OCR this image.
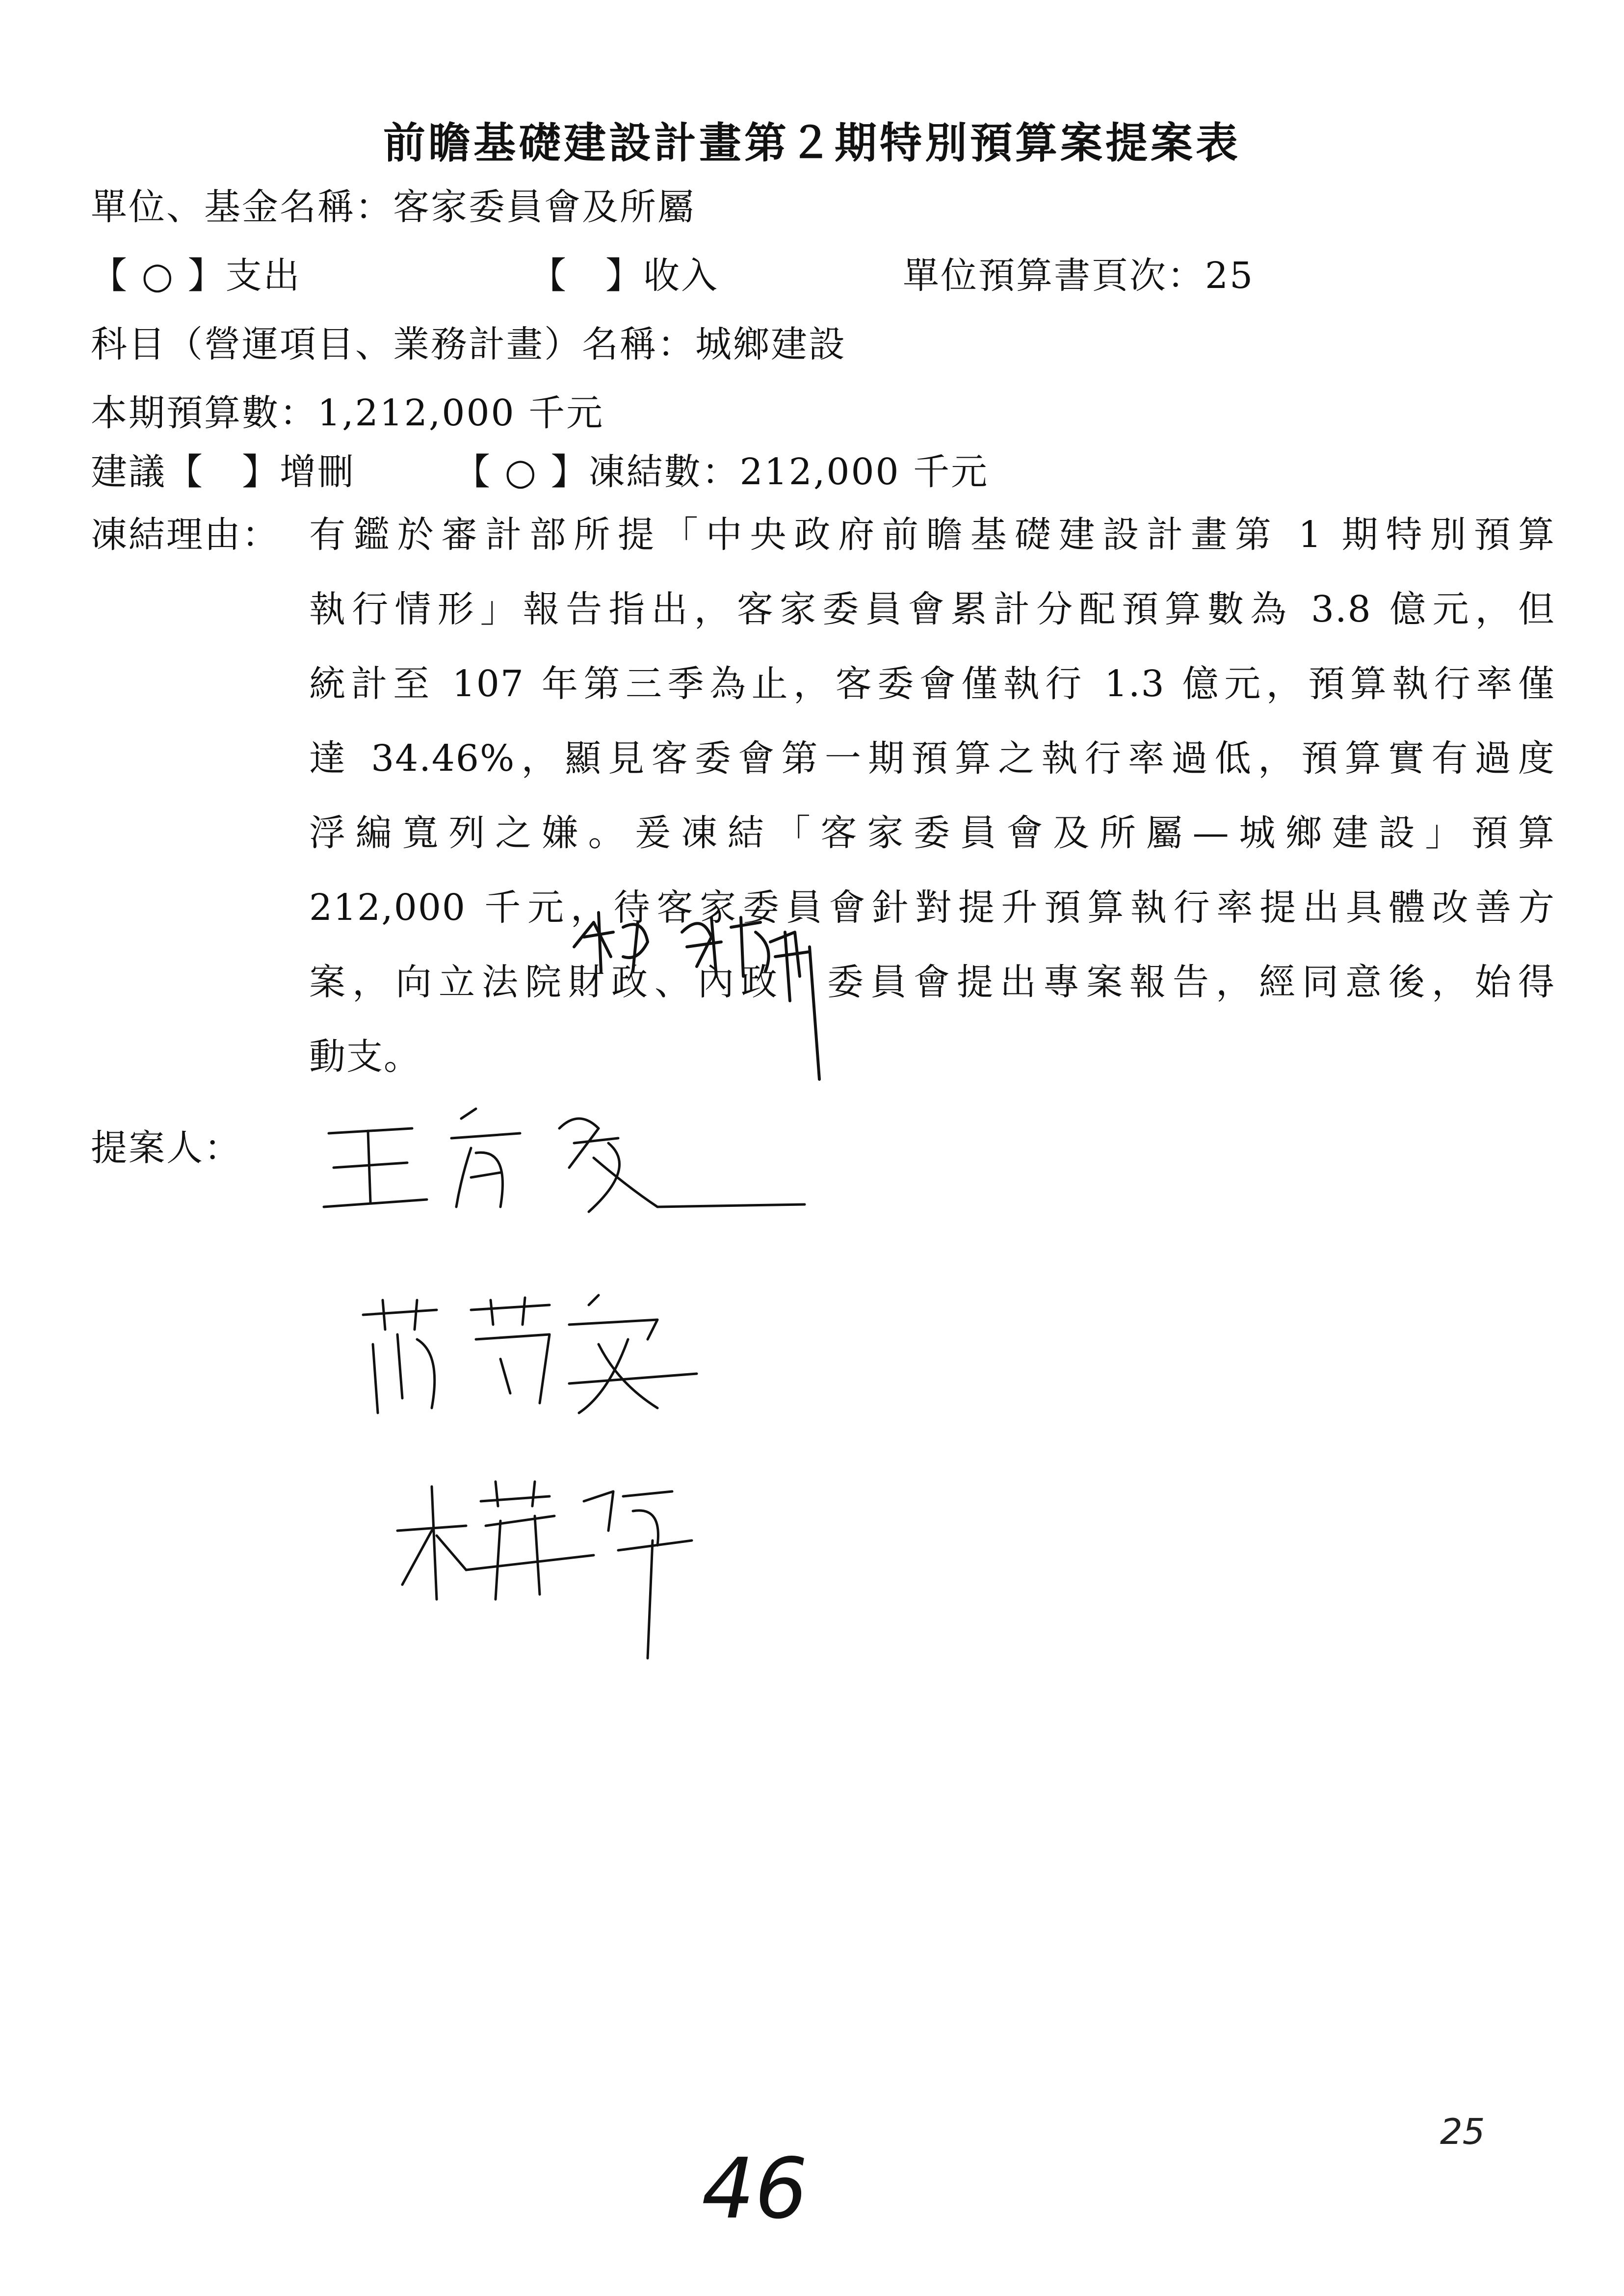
前瞻基礎建設計畫第２期特別預算案提案表
單位、基金名稱：客家委員會及所屬
【 ○ 】支出	【　】收入	單位預算書頁次：25
科目（營運項目、業務計畫）名稱：城鄉建設
本期預算數：1,212,000 千元
建議【　】增刪	【 ○ 】凍結數：212,000 千元
凍結理由： 有鑑於審計部所提「中央政府前瞻基礎建設計畫第 1 期特別預算
執行情形」報告指出，客家委員會累計分配預算數為 3.8 億元，但
統計至 107 年第三季為止，客委會僅執行 1.3 億元，預算執行率僅
達 34.46%，顯見客委會第一期預算之執行率過低，預算實有過度
浮編寬列之嫌。爰凍結「客家委員會及所屬—城鄉建設」預算
212,000 千元，待客家委員會針對提升預算執行率提出具體改善方
案，向立法院財政、內政　委員會提出專案報告，經同意後，始得
動支。
提案人：
46
25
